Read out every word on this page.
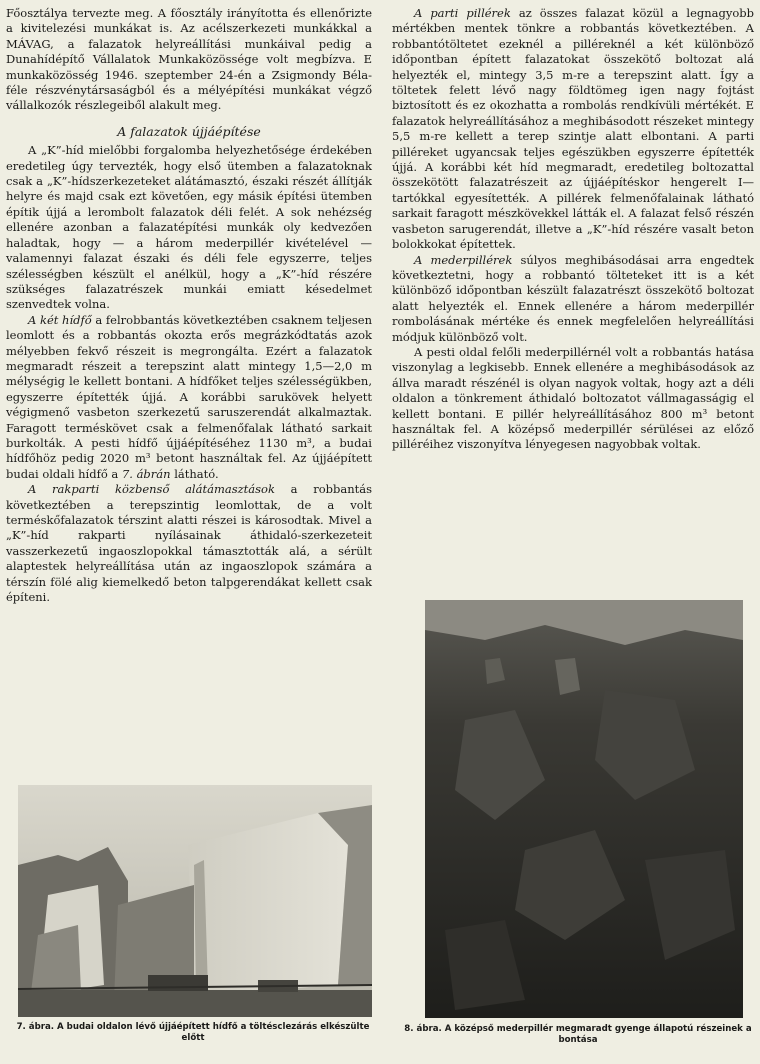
Főosztálya tervezte meg. A főosztály irányította és ellenőrizte a kivitelezési munkákat is. Az acélszerkezeti munkákkal a MÁVAG, a falazatok helyreállítási munkáival pedig a Dunahídépítő Vállalatok Munkaközössége volt megbízva. E munkaközösség 1946. szeptember 24-én a Zsigmondy Béla-féle részvénytársaságból és a mélyépítési munkákat végző vállalkozók részlegeiből alakult meg.

A falazatok újjáépítése

A „K”-híd mielőbbi forgalomba helyezhetősége érdekében eredetileg úgy tervezték, hogy első ütemben a falazatoknak csak a „K”-hídszerkezeteket alátámasztó, északi részét állítják helyre és majd csak ezt követően, egy másik építési ütemben építik újjá a lerombolt falazatok déli felét. A sok nehézség ellenére azonban a falazatépítési munkák oly kedvezően haladtak, hogy — a három mederpillér kivételével — valamennyi falazat északi és déli fele egyszerre, teljes szélességben készült el anélkül, hogy a „K”-híd részére szükséges falazatrészek munkái emiatt késedelmet szenvedtek volna.

A két hídfő a felrobbantás következtében csaknem teljesen leomlott és a robbantás okozta erős megrázkódtatás azok mélyebben fekvő részeit is megrongálta. Ezért a falazatok megmaradt részeit a terepszint alatt mintegy 1,5—2,0 m mélységig le kellett bontani. A hídfőket teljes szélességükben, egyszerre építették újjá. A korábbi sarukövek helyett végigmenő vasbeton szerkezetű saruszerendát alkalmaztak. Faragott terméskövet csak a felmenőfalak látható sarkait burkolták. A pesti hídfő újjáépítéséhez 1130 m³, a budai hídfőhöz pedig 2020 m³ betont használtak fel. Az újjáépített budai oldali hídfő a 7. ábrán látható.

A rakparti közbenső alátámasztások a robbantás következtében a terepszintig leomlottak, de a volt terméskőfalazatok térszint alatti részei is károsodtak. Mivel a „K”-híd rakparti nyílásainak áthidaló-szerkezeteit vasszerkezetű ingaoszlopokkal támasztották alá, a sérült alaptestek helyreállítása után az ingaoszlopok számára a térszín fölé alig kiemelkedő beton talpgerendákat kellett csak építeni.

A parti pillérek az összes falazat közül a legnagyobb mértékben mentek tönkre a robbantás következtében. A robbantótöltetet ezeknél a pilléreknél a két különböző időpontban épített falazatokat összekötő boltozat alá helyezték el, mintegy 3,5 m-re a terepszint alatt. Így a töltetek felett lévő nagy földtömeg igen nagy fojtást biztosított és ez okozhatta a rombolás rendkívüli mértékét. E falazatok helyreállításához a meghibásodott részeket mintegy 5,5 m-re kellett a terep szintje alatt elbontani. A parti pilléreket ugyancsak teljes egészükben egyszerre építették újjá. A korábbi két híd megmaradt, eredetileg boltozattal összekötött falazatrészeit az újjáépítéskor hengerelt I—tartókkal egyesítették. A pillérek felmenőfalainak látható sarkait faragott mészkövekkel látták el. A falazat felső részén vasbeton sarugerendát, illetve a „K”-híd részére vasalt beton bolokkokat építettek.

A mederpillérek súlyos meghibásodásai arra engedtek következtetni, hogy a robbantó tölteteket itt is a két különböző időpontban készült falazatrészt összekötő boltozat alatt helyezték el. Ennek ellenére a három mederpillér rombolásának mértéke és ennek megfelelően helyreállítási módjuk különböző volt.

A pesti oldal felőli mederpillérnél volt a robbantás hatása viszonylag a legkisebb. Ennek ellenére a meghibásodások az állva maradt részénél is olyan nagyok voltak, hogy azt a déli oldalon a tönkrement áthidaló boltozatot vállmagasságig el kellett bontani. E pillér helyreállításához 800 m³ betont használtak fel. A középső mederpillér sérülései az előző pilléréihez viszonyítva lényegesen nagyobbak voltak.

7. ábra. A budai oldalon lévő újjáépített hídfő a töltésclezárás elkészülte előtt
8. ábra. A középső mederpillér megmaradt gyenge állapotú részeinek a bontása
